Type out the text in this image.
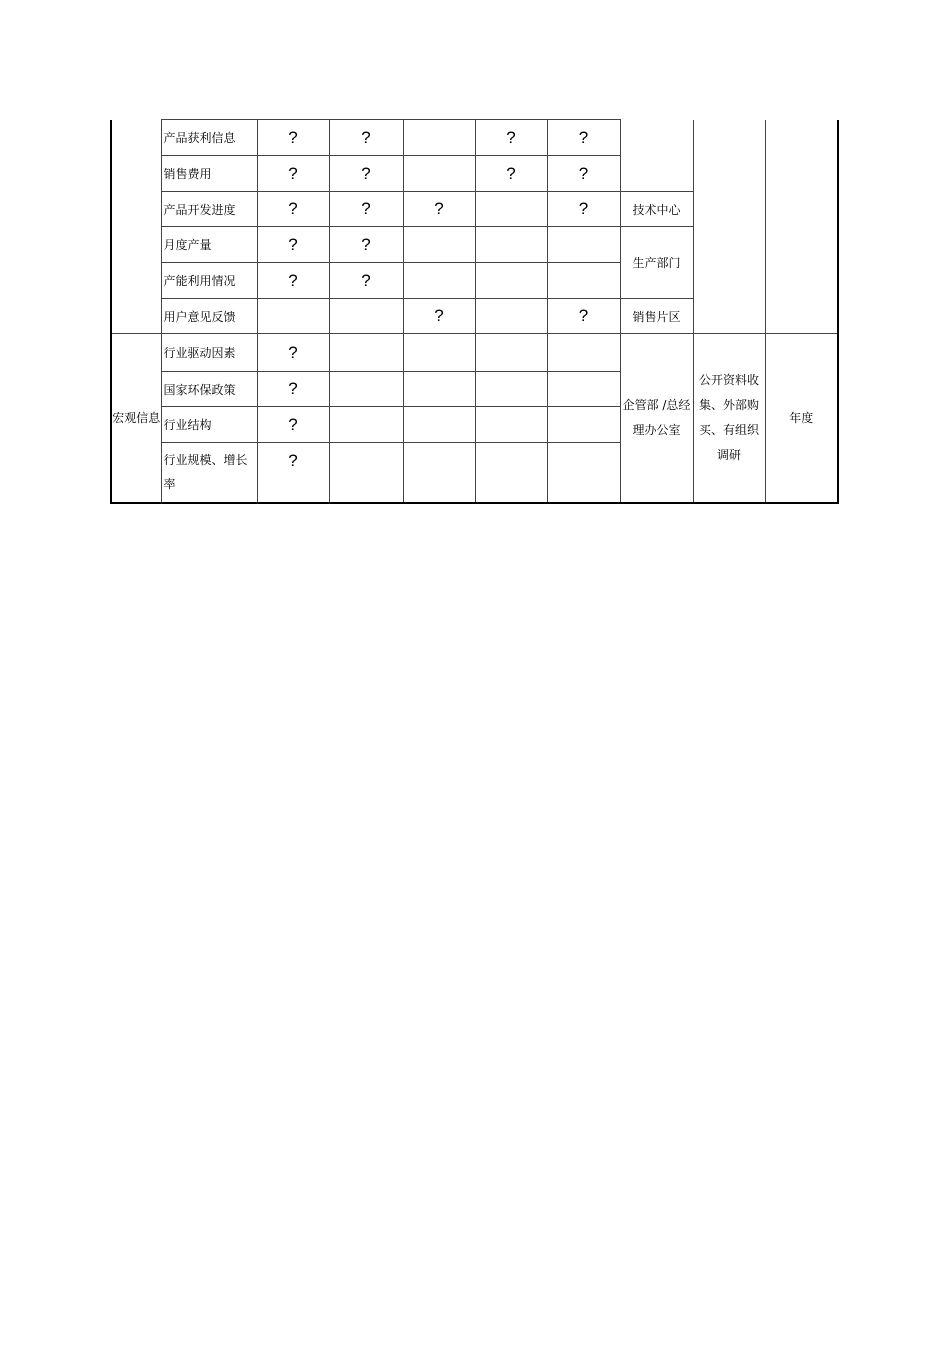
	产品获利信息	?	?		?	?			
	销售费用	?	?		?	?			
	产品开发进度	?	?	?		?	技术中心		
	月度产量	?	?				生产部门		
	产能利用情况	?	?						
	用户意见反馈			?		?	销售片区		
宏观信息	行业驱动因素	?					企管部 /总经理办公室	公开资料收集、外部购买、有组织调研	年度
	国家环保政策	?							
	行业结构	?							
	行业规模、增长率	?							
